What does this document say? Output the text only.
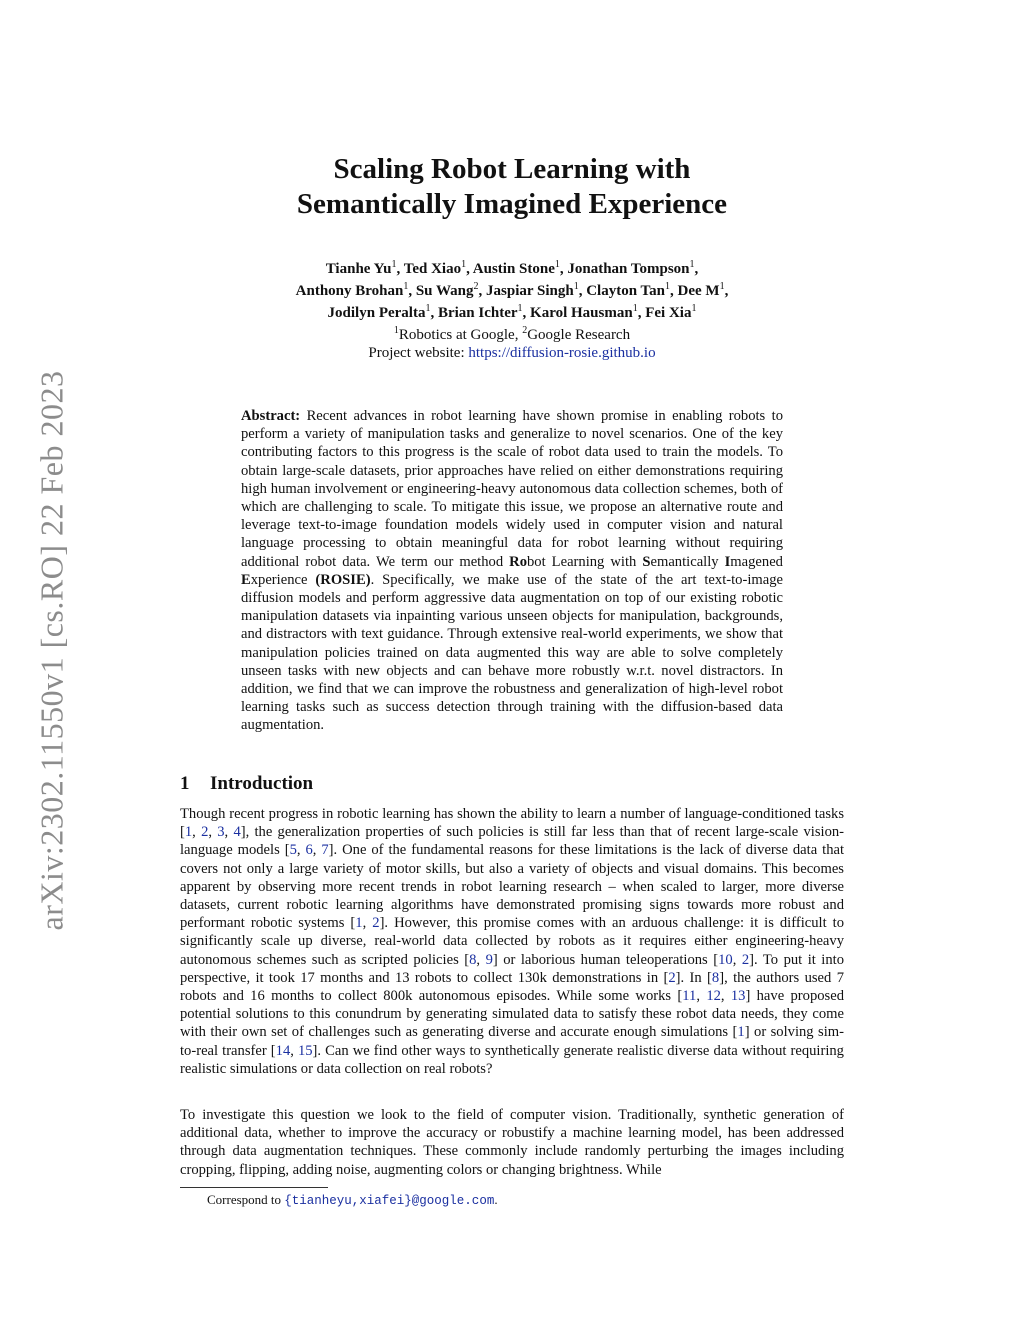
arXiv:2302.11550v1 [cs.RO] 22 Feb 2023
Scaling Robot Learning with
Semantically Imagined Experience
Tianhe Yu$^1$, Ted Xiao$^1$, Austin Stone$^1$, Jonathan Tompson$^1$,
Anthony Brohan$^1$, Su Wang$^2$, Jaspiar Singh$^1$, Clayton Tan$^1$, Dee $M^1$,
Jodilyn Peralta$^1$, Brian Ichter$^1$, Karol Hausman$^1$, Fei Xia$^1$
$^1$Robotics at Google, $^2$Google Research
Project website: https://diffusion-rosie.github.io
Abstract: Recent advances in robot learning have shown promise in enabling robots to perform a variety of manipulation tasks and generalize to novel scenarios. One of the key contributing factors to this progress is the scale of robot data used to train the models. To obtain large-scale datasets, prior approaches have relied on either demonstrations requiring high human involvement or engineering-heavy autonomous data collection schemes, both of which are challenging to scale. To mitigate this issue, we propose an alternative route and leverage text-to-image foundation models widely used in computer vision and natural language processing to obtain meaningful data for robot learning without requiring additional robot data. We term our method Robot Learning with Semantically Imagened Experience (ROSIE). Specifically, we make use of the state of the art text-to-image diffusion models and perform aggressive data augmentation on top of our existing robotic manipulation datasets via inpainting various unseen objects for manipulation, backgrounds, and distractors with text guidance. Through extensive real-world experiments, we show that manipulation policies trained on data augmented this way are able to solve completely unseen tasks with new objects and can behave more robustly w.r.t. novel distractors. In addition, we find that we can improve the robustness and generalization of high-level robot learning tasks such as success detection through training with the diffusion-based data augmentation.
1 Introduction

Though recent progress in robotic learning has shown the ability to learn a number of language-conditioned tasks [1, 2, 3, 4], the generalization properties of such policies is still far less than that of recent large-scale vision-language models [5, 6, 7]. One of the fundamental reasons for these limitations is the lack of diverse data that covers not only a large variety of motor skills, but also a variety of objects and visual domains. This becomes apparent by observing more recent trends in robot learning research – when scaled to larger, more diverse datasets, current robotic learning algorithms have demonstrated promising signs towards more robust and performant robotic systems [1, 2]. However, this promise comes with an arduous challenge: it is difficult to significantly scale up diverse, real-world data collected by robots as it requires either engineering-heavy autonomous schemes such as scripted policies [8, 9] or laborious human teleoperations [10, 2]. To put it into perspective, it took 17 months and 13 robots to collect 130k demonstrations in [2]. In [8], the authors used 7 robots and 16 months to collect 800k autonomous episodes. While some works [11, 12, 13] have proposed potential solutions to this conundrum by generating simulated data to satisfy these robot data needs, they come with their own set of challenges such as generating diverse and accurate enough simulations [1] or solving sim-to-real transfer [14, 15]. Can we find other ways to synthetically generate realistic diverse data without requiring realistic simulations or data collection on real robots?

To investigate this question we look to the field of computer vision. Traditionally, synthetic generation of additional data, whether to improve the accuracy or robustify a machine learning model, has been addressed through data augmentation techniques. These commonly include randomly perturbing the images including cropping, flipping, adding noise, augmenting colors or changing brightness. While

Correspond to {tianheyu,xiafei}@google.com.
